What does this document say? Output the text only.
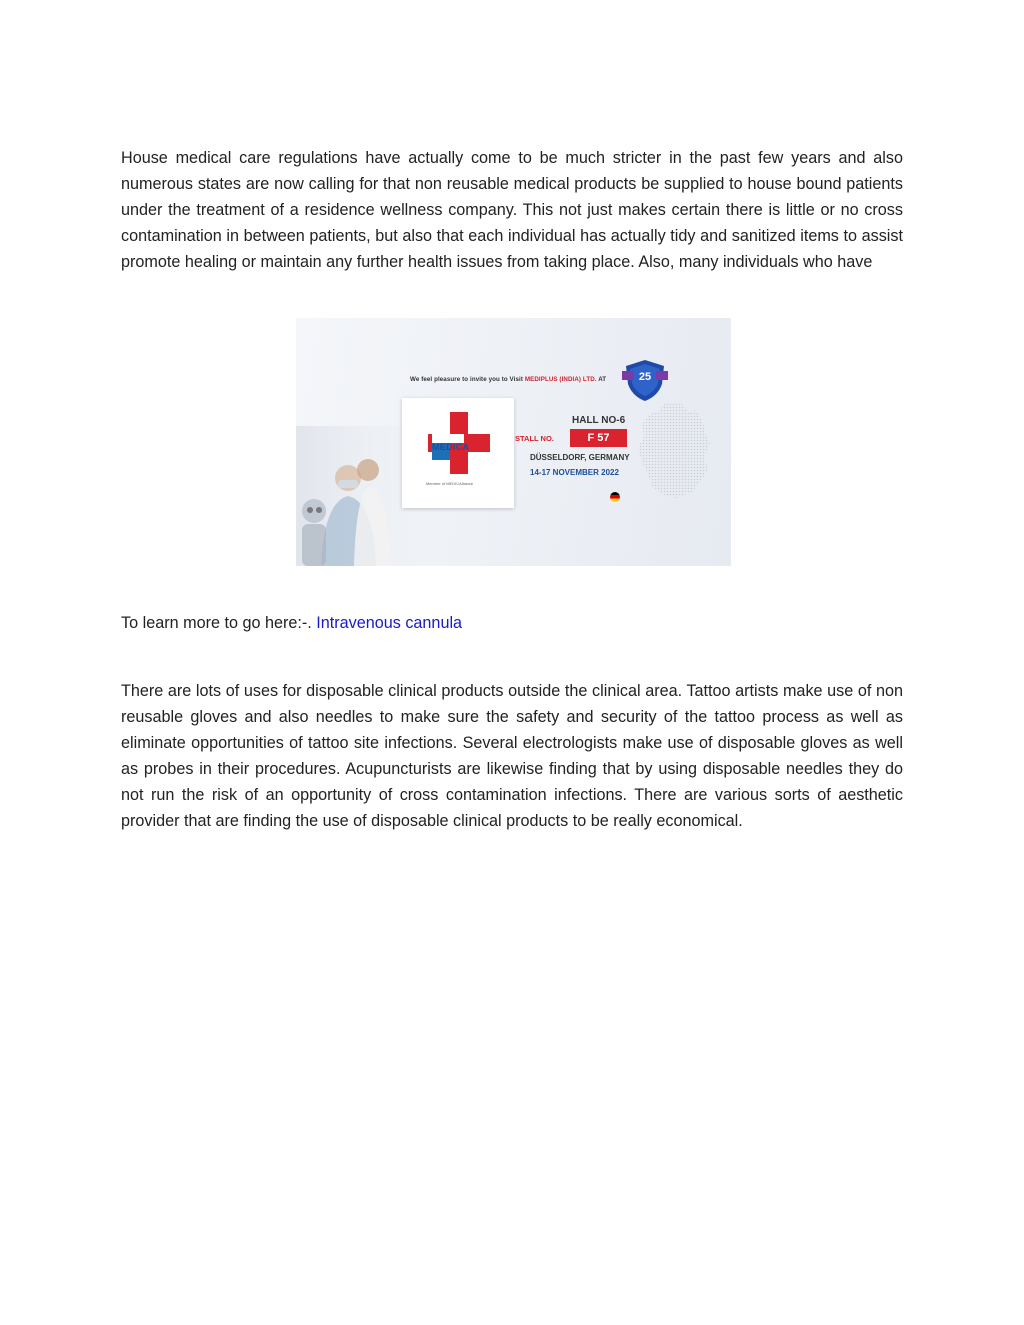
House medical care regulations have actually come to be much stricter in the past few years and also numerous states are now calling for that non reusable medical products be supplied to house bound patients under the treatment of a residence wellness company. This not just makes certain there is little or no cross contamination in between patients, but also that each individual has actually tidy and sanitized items to assist promote healing or maintain any further health issues from taking place. Also, many individuals who have

We feel pleasure to invite you to Visit MEDIPLUS (INDIA) LTD. AT	25
MEDICA
Member of MEDICAlliance
HALL NO-6
STALL NO.	F 57
DÜSSELDORF, GERMANY
14-17 NOVEMBER 2022

To learn more to go here:-. Intravenous cannula

There are lots of uses for disposable clinical products outside the clinical area. Tattoo artists make use of non reusable gloves and also needles to make sure the safety and security of the tattoo process as well as eliminate opportunities of tattoo site infections. Several electrologists make use of disposable gloves as well as probes in their procedures. Acupuncturists are likewise finding that by using disposable needles they do not run the risk of an opportunity of cross contamination infections. There are various sorts of aesthetic provider that are finding the use of disposable clinical products to be really economical.
